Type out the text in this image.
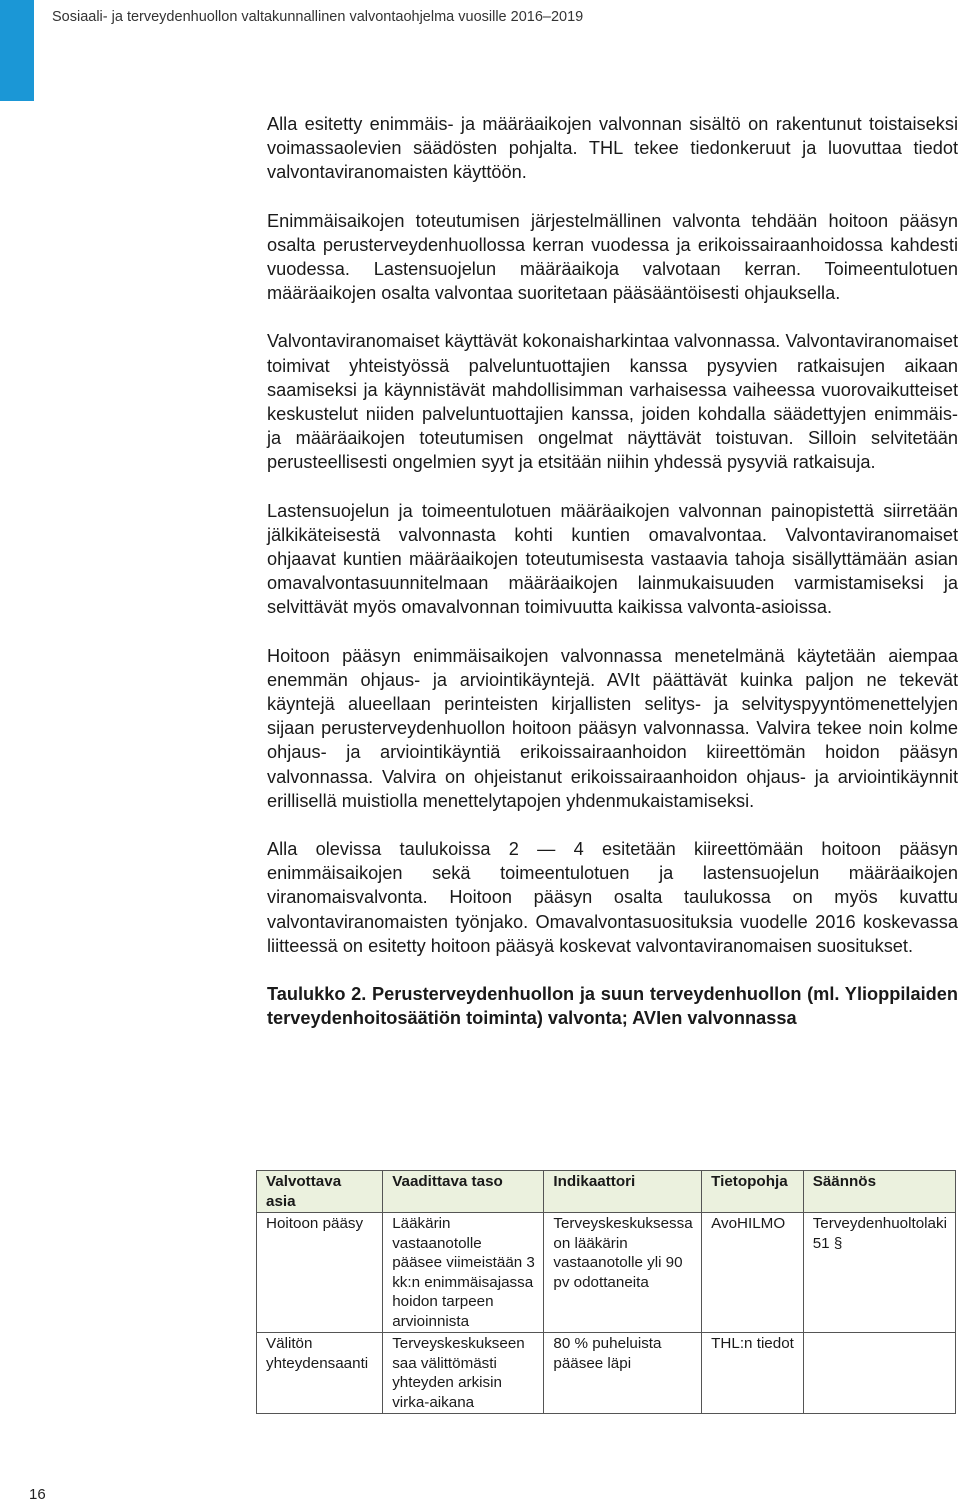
Sosiaali- ja terveydenhuollon valtakunnallinen valvontaohjelma vuosille 2016–2019

Alla esitetty enimmäis- ja määräaikojen valvonnan sisältö on rakentunut toistaiseksi voimassaolevien säädösten pohjalta. THL tekee tiedonkeruut ja luovuttaa tiedot valvontaviranomaisten käyttöön.

Enimmäisaikojen toteutumisen järjestelmällinen valvonta tehdään hoitoon pääsyn osalta perusterveydenhuollossa kerran vuodessa ja erikoissairaanhoidossa kahdesti vuodessa. Lastensuojelun määräaikoja valvotaan kerran. Toimeentulotuen määräaikojen osalta valvontaa suoritetaan pääsääntöisesti ohjauksella.

Valvontaviranomaiset käyttävät kokonaisharkintaa valvonnassa. Valvontaviranomaiset toimivat yhteistyössä palveluntuottajien kanssa pysyvien ratkaisujen aikaan saamiseksi ja käynnistävät mahdollisimman varhaisessa vaiheessa vuorovaikutteiset keskustelut niiden palveluntuottajien kanssa, joiden kohdalla säädettyjen enimmäis- ja määräaikojen toteutumisen ongelmat näyttävät toistuvan. Silloin selvitetään perusteellisesti ongelmien syyt ja etsitään niihin yhdessä pysyviä ratkaisuja.

Lastensuojelun ja toimeentulotuen määräaikojen valvonnan painopistettä siirretään jälkikäteisestä valvonnasta kohti kuntien omavalvontaa. Valvontaviranomaiset ohjaavat kuntien määräaikojen toteutumisesta vastaavia tahoja sisällyttämään asian omavalvontasuunnitelmaan määräaikojen lainmukaisuuden varmistamiseksi ja selvittävät myös omavalvonnan toimivuutta kaikissa valvonta-asioissa.

Hoitoon pääsyn enimmäisaikojen valvonnassa menetelmänä käytetään aiempaa enemmän ohjaus- ja arviointikäyntejä. AVIt päättävät kuinka paljon ne tekevät käyntejä alueellaan perinteisten kirjallisten selitys- ja selvityspyyntömenettelyjen sijaan perusterveydenhuollon hoitoon pääsyn valvonnassa. Valvira tekee noin kolme ohjaus- ja arviointikäyntiä erikoissairaanhoidon kiireettömän hoidon pääsyn valvonnassa. Valvira on ohjeistanut erikoissairaanhoidon ohjaus- ja arviointikäynnit erillisellä muistiolla menettelytapojen yhdenmukaistamiseksi.

Alla olevissa taulukoissa 2 — 4 esitetään kiireettömään hoitoon pääsyn enimmäisaikojen sekä toimeentulotuen ja lastensuojelun määräaikojen viranomaisvalvonta. Hoitoon pääsyn osalta taulukossa on myös kuvattu valvontaviranomaisten työnjako. Omavalvontasuosituksia vuodelle 2016 koskevassa liitteessä on esitetty hoitoon pääsyä koskevat valvontaviranomaisen suositukset.

Taulukko 2. Perusterveydenhuollon ja suun terveydenhuollon (ml. Ylioppilaiden terveydenhoitosäätiön toiminta) valvonta; AVIen valvonnassa

Valvottava asia	Vaadittava taso	Indikaattori	Tietopohja	Säännös
Hoitoon pääsy	Lääkärin vastaanotolle pääsee viimeistään 3 kk:n enimmäisajassa hoidon tarpeen arvioinnista	Terveyskeskuksessa on lääkärin vastaanotolle yli 90 pv odottaneita	AvoHILMO	Terveydenhuoltolaki 51 §
Välitön yhteydensaanti	Terveyskeskukseen saa välittömästi yhteyden arkisin virka-aikana	80 % puheluista pääsee läpi	THL:n tiedot	
16
